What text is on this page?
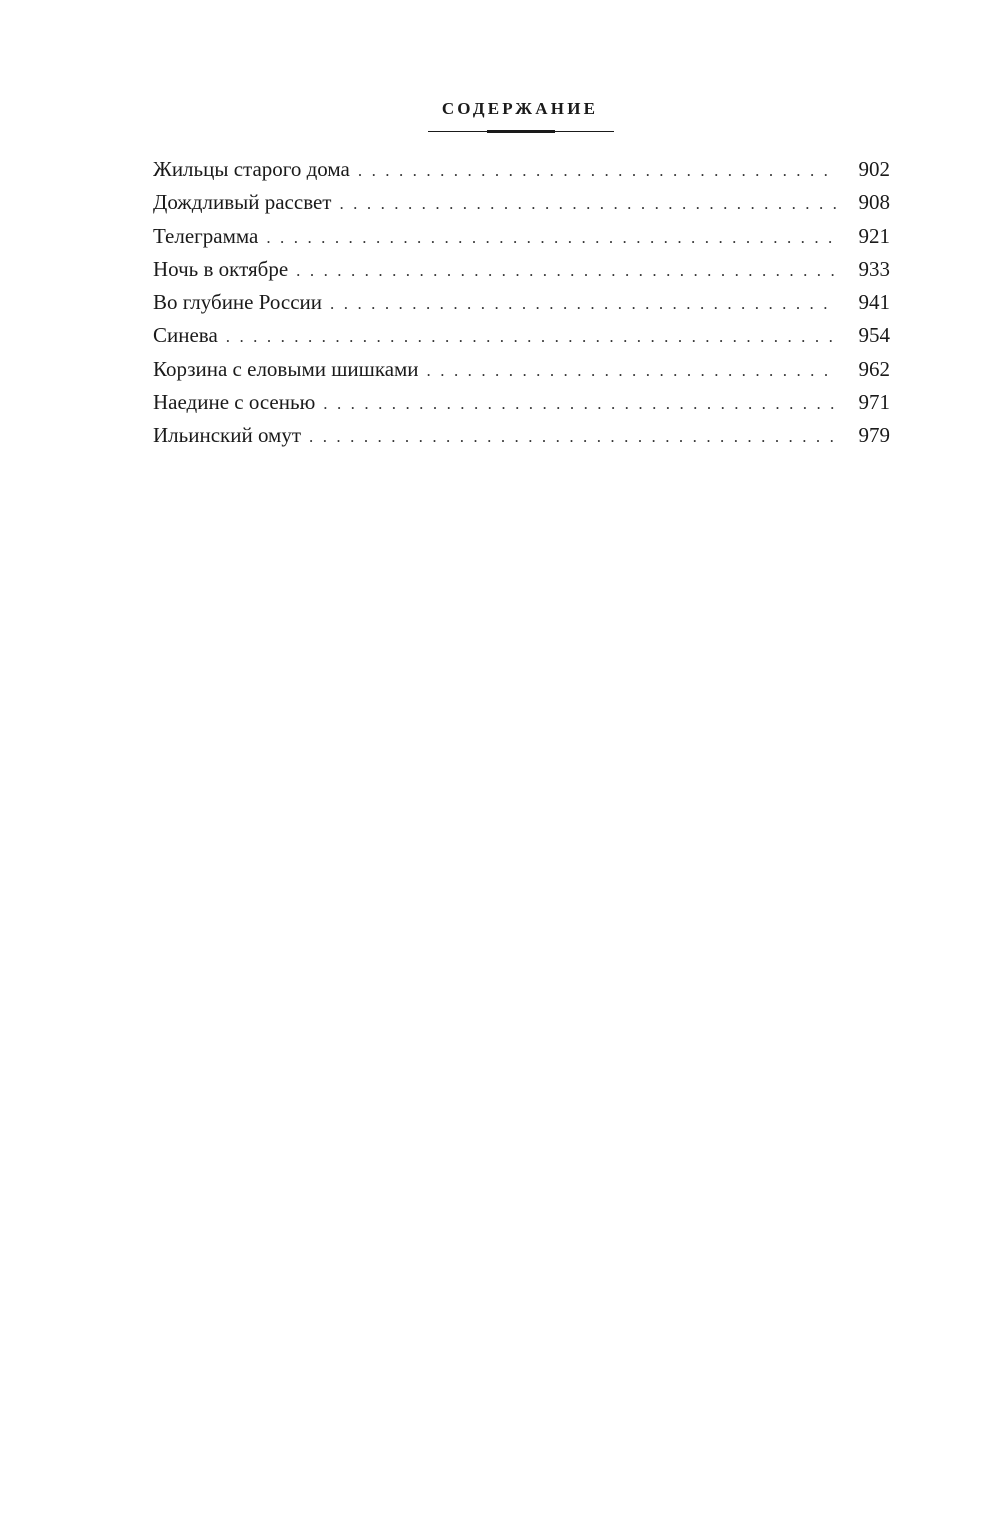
СОДЕРЖАНИЕ
Жильцы старого дома . . .	902
Дождливый рассвет . . .	908
Телеграмма . . .	921
Ночь в октябре . . .	933
Во глубине России . . .	941
Синева . . .	954
Корзина с еловыми шишками . . .	962
Наедине с осенью . . .	971
Ильинский омут . . .	979
